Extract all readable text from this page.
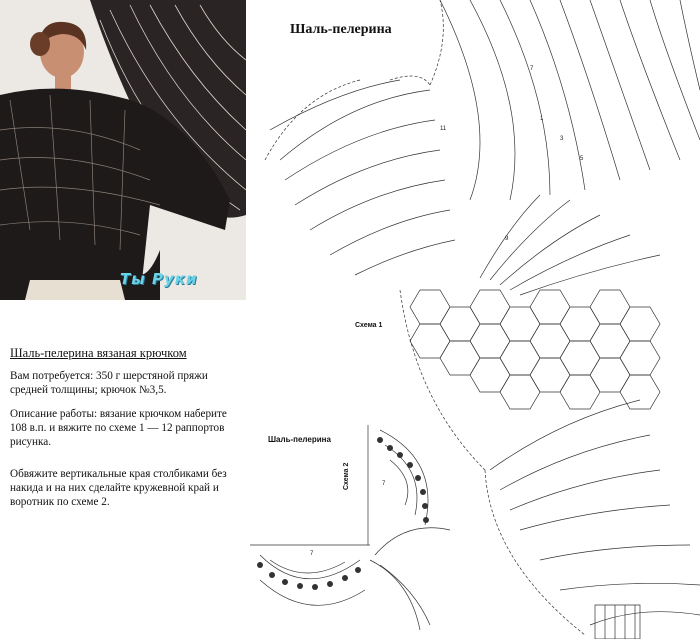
Ты Руки
Шаль-пелерина
Шаль-пелерина вязаная крючком

Вам потребуется: 350 г шерстяной пряжи средней толщины; крючок №3,5.

Описание работы: вязание крючком наберите 108 в.п. и вяжите по схеме 1 — 12 раппортов рисунка.

Обвяжите вертикальные края столбиками без накида и на них сделайте кружевной край и воротник по схеме 2.

1
3
5
7
9
11
7
7
Схема 1
Шаль-пелерина
Схема 2
